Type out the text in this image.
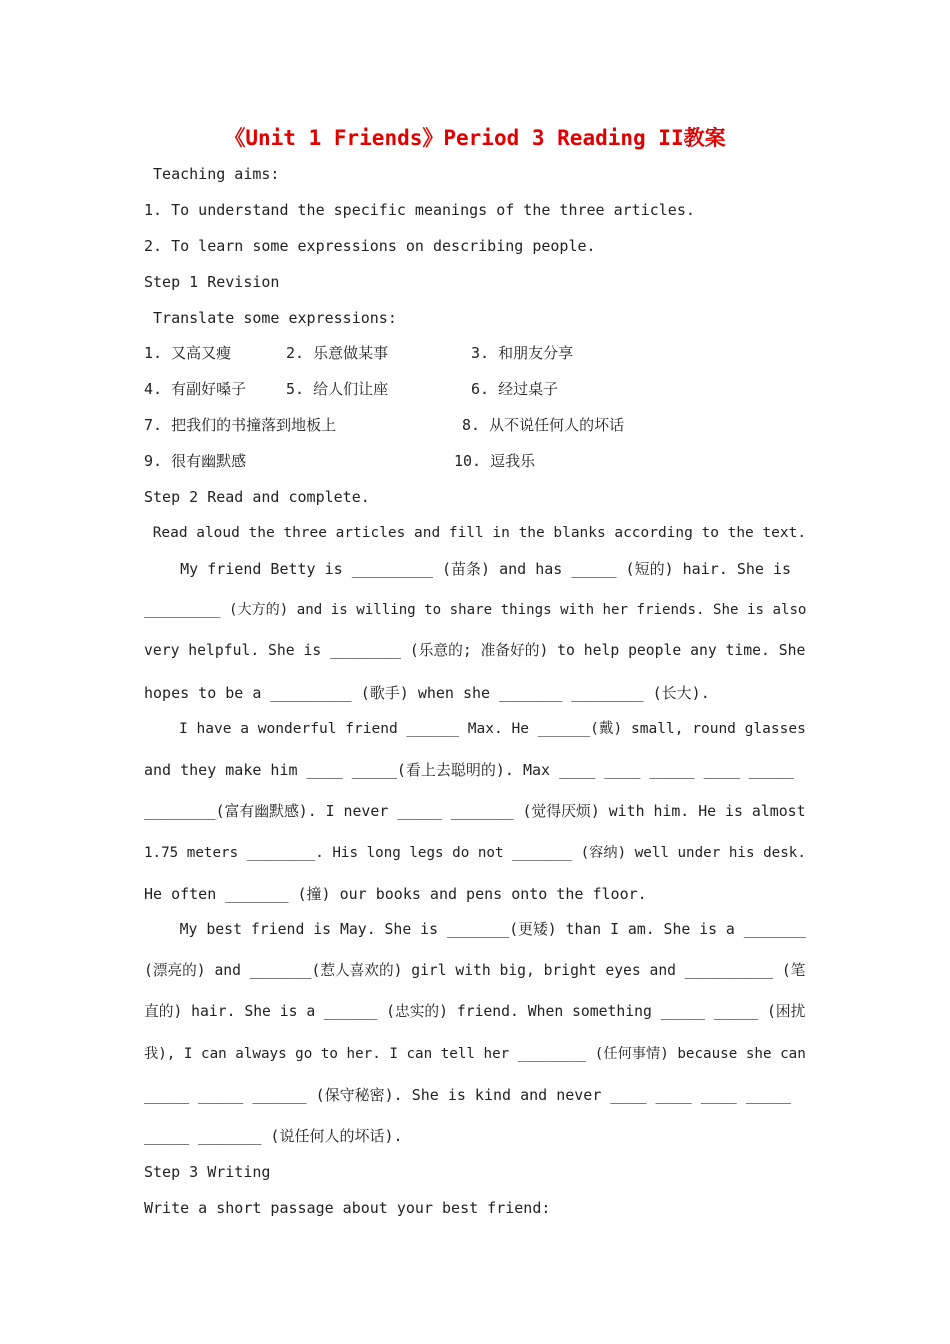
《Unit 1 Friends》Period 3 Reading II教案
Teaching aims:
1. To understand the specific meanings of the three articles.
2. To learn some expressions on describing people.
Step 1 Revision
Translate some expressions:
1. 又高又瘦	2. 乐意做某事	3. 和朋友分享
4. 有副好嗓子	5. 给人们让座	6. 经过桌子
7. 把我们的书撞落到地板上	8. 从不说任何人的坏话
9. 很有幽默感	10. 逗我乐
Step 2 Read and complete.
Read aloud the three articles and fill in the blanks according to the text.
My friend Betty is _________ (苗条) and has _____ (短的) hair. She is
_________ (大方的) and is willing to share things with her friends. She is also
very helpful. She is ________ (乐意的; 准备好的) to help people any time. She
hopes to be a _________ (歌手) when she _______ ________ (长大).
I have a wonderful friend ______ Max. He ______(戴) small, round glasses
and they make him ____ _____(看上去聪明的). Max ____ ____ _____ ____ _____
________(富有幽默感). I never _____ _______ (觉得厌烦) with him. He is almost
1.75 meters ________. His long legs do not _______ (容纳) well under his desk.
He often _______ (撞) our books and pens onto the floor.
My best friend is May. She is _______(更矮) than I am. She is a _______
(漂亮的) and _______(惹人喜欢的) girl with big, bright eyes and __________ (笔
直的) hair. She is a ______ (忠实的) friend. When something _____ _____ (困扰
我), I can always go to her. I can tell her ________ (任何事情) because she can
_____ _____ ______ (保守秘密). She is kind and never ____ ____ ____ _____
_____ _______ (说任何人的坏话).
Step 3 Writing
Write a short passage about your best friend:
